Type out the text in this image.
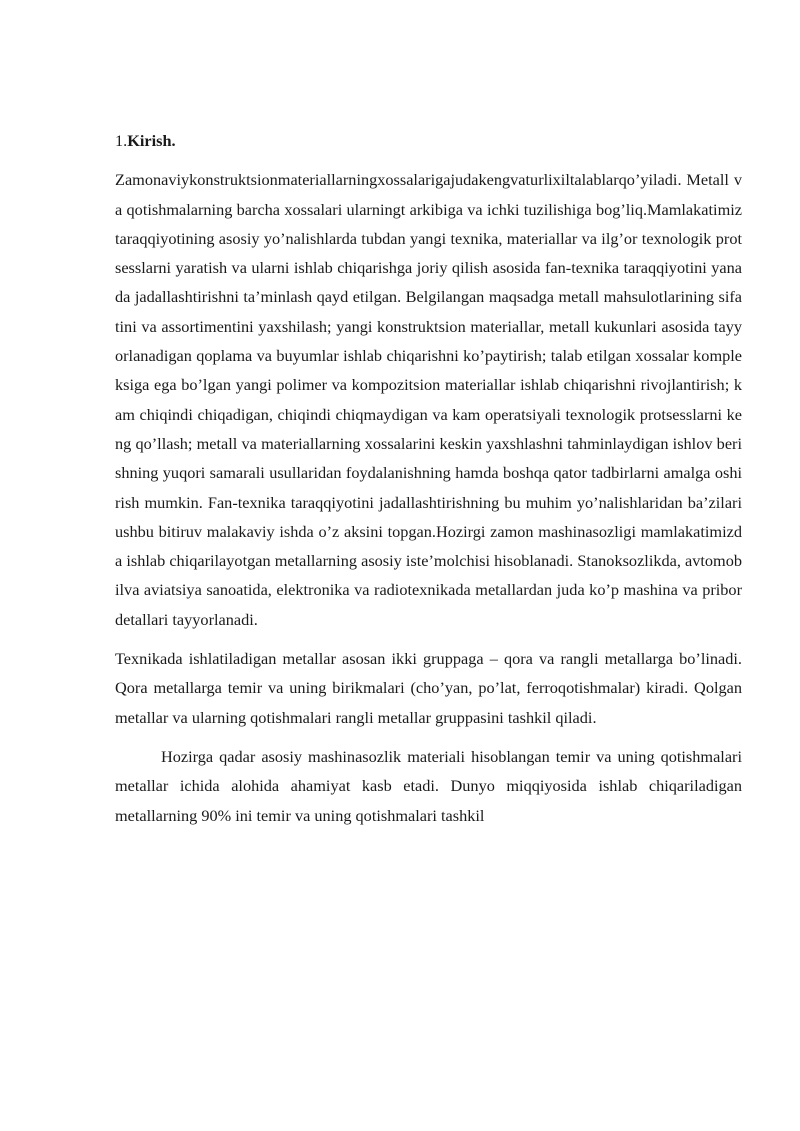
1.Kirish.

Zamonaviykonstruktsionmateriallarningxossalarigajudakengvaturlixiltalablarqo’yiladi. Metall va qotishmalarning barcha xossalari ularningt arkibiga va ichki tuzilishiga bog’liq.Mamlakatimiz taraqqiyotining asosiy yo’nalishlarda tubdan yangi texnika, materiallar va ilg’or texnologik protsesslarni yaratish va ularni ishlab chiqarishga joriy qilish asosida fan-texnika taraqqiyotini yanada jadallashtirishni ta’minlash qayd etilgan. Belgilangan maqsadga metall mahsulotlarining sifatini va assortimentini yaxshilash; yangi konstruktsion materiallar, metall kukunlari asosida tayyorlanadigan qoplama va buyumlar ishlab chiqarishni ko’paytirish; talab etilgan xossalar kompleksiga ega bo’lgan yangi polimer va kompozitsion materiallar ishlab chiqarishni rivojlantirish; kam chiqindi chiqadigan, chiqindi chiqmaydigan va kam operatsiyali texnologik protsesslarni keng qo’llash; metall va materiallarning xossalarini keskin yaxshlashni tahminlaydigan ishlov berishning yuqori samarali usullaridan foydalanishning hamda boshqa qator tadbirlarni amalga oshirish mumkin. Fan-texnika taraqqiyotini jadallashtirishning bu muhim yo’nalishlaridan ba’zilari ushbu bitiruv malakaviy ishda o’z aksini topgan.Hozirgi zamon mashinasozligi mamlakatimizda ishlab chiqarilayotgan metallarning asosiy iste’molchisi hisoblanadi. Stanoksozlikda, avtomobilva aviatsiya sanoatida, elektronika va radiotexnikada metallardan juda ko’p mashina va pribor detallari tayyorlanadi.

Texnikada ishlatiladigan metallar asosan ikki gruppaga – qora va rangli metallarga bo’linadi. Qora metallarga temir va uning birikmalari (cho’yan, po’lat, ferroqotishmalar) kiradi. Qolgan metallar va ularning qotishmalari rangli metallar gruppasini tashkil qiladi.

Hozirga qadar asosiy mashinasozlik materiali hisoblangan temir va uning qotishmalari metallar ichida alohida ahamiyat kasb etadi. Dunyo miqqiyosida ishlab chiqariladigan metallarning 90% ini temir va uning qotishmalari tashkil
